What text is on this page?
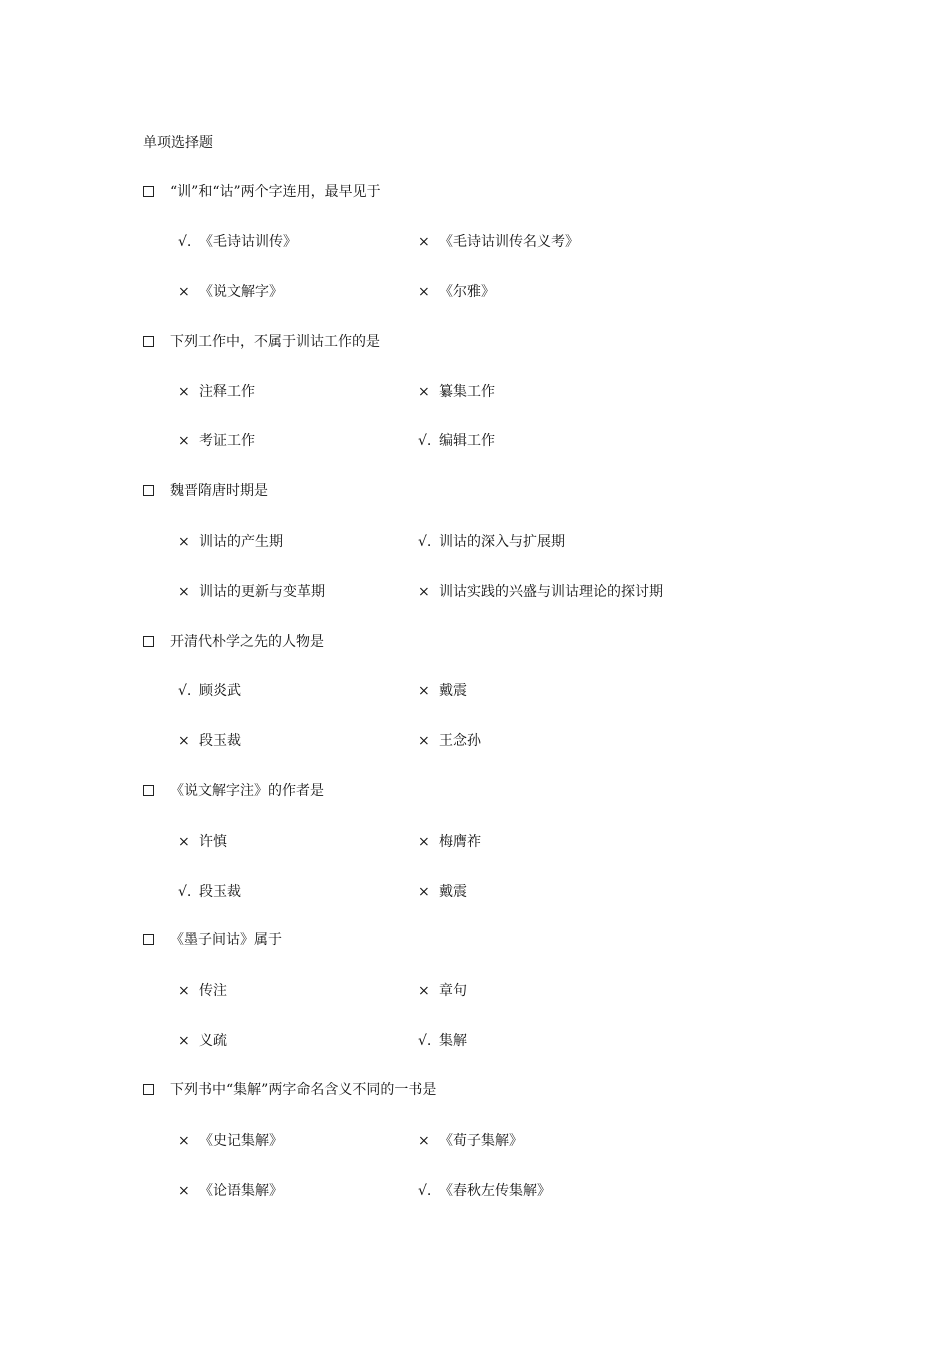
单项选择题
“训”和“诂”两个字连用，最早见于
√. 《毛诗诂训传》	× 《毛诗诂训传名义考》
× 《说文解字》	× 《尔雅》
下列工作中，不属于训诂工作的是
× 注释工作	× 纂集工作
× 考证工作	√. 编辑工作
魏晋隋唐时期是
× 训诂的产生期	√. 训诂的深入与扩展期
× 训诂的更新与变革期	× 训诂实践的兴盛与训诂理论的探讨期
开清代朴学之先的人物是
√. 顾炎武	× 戴震
× 段玉裁	× 王念孙
《说文解字注》的作者是
× 许慎	× 梅膺祚
√. 段玉裁	× 戴震
《墨子间诂》属于
× 传注	× 章句
× 义疏	√. 集解
下列书中“集解”两字命名含义不同的一书是
× 《史记集解》	× 《荀子集解》
× 《论语集解》	√. 《春秋左传集解》
